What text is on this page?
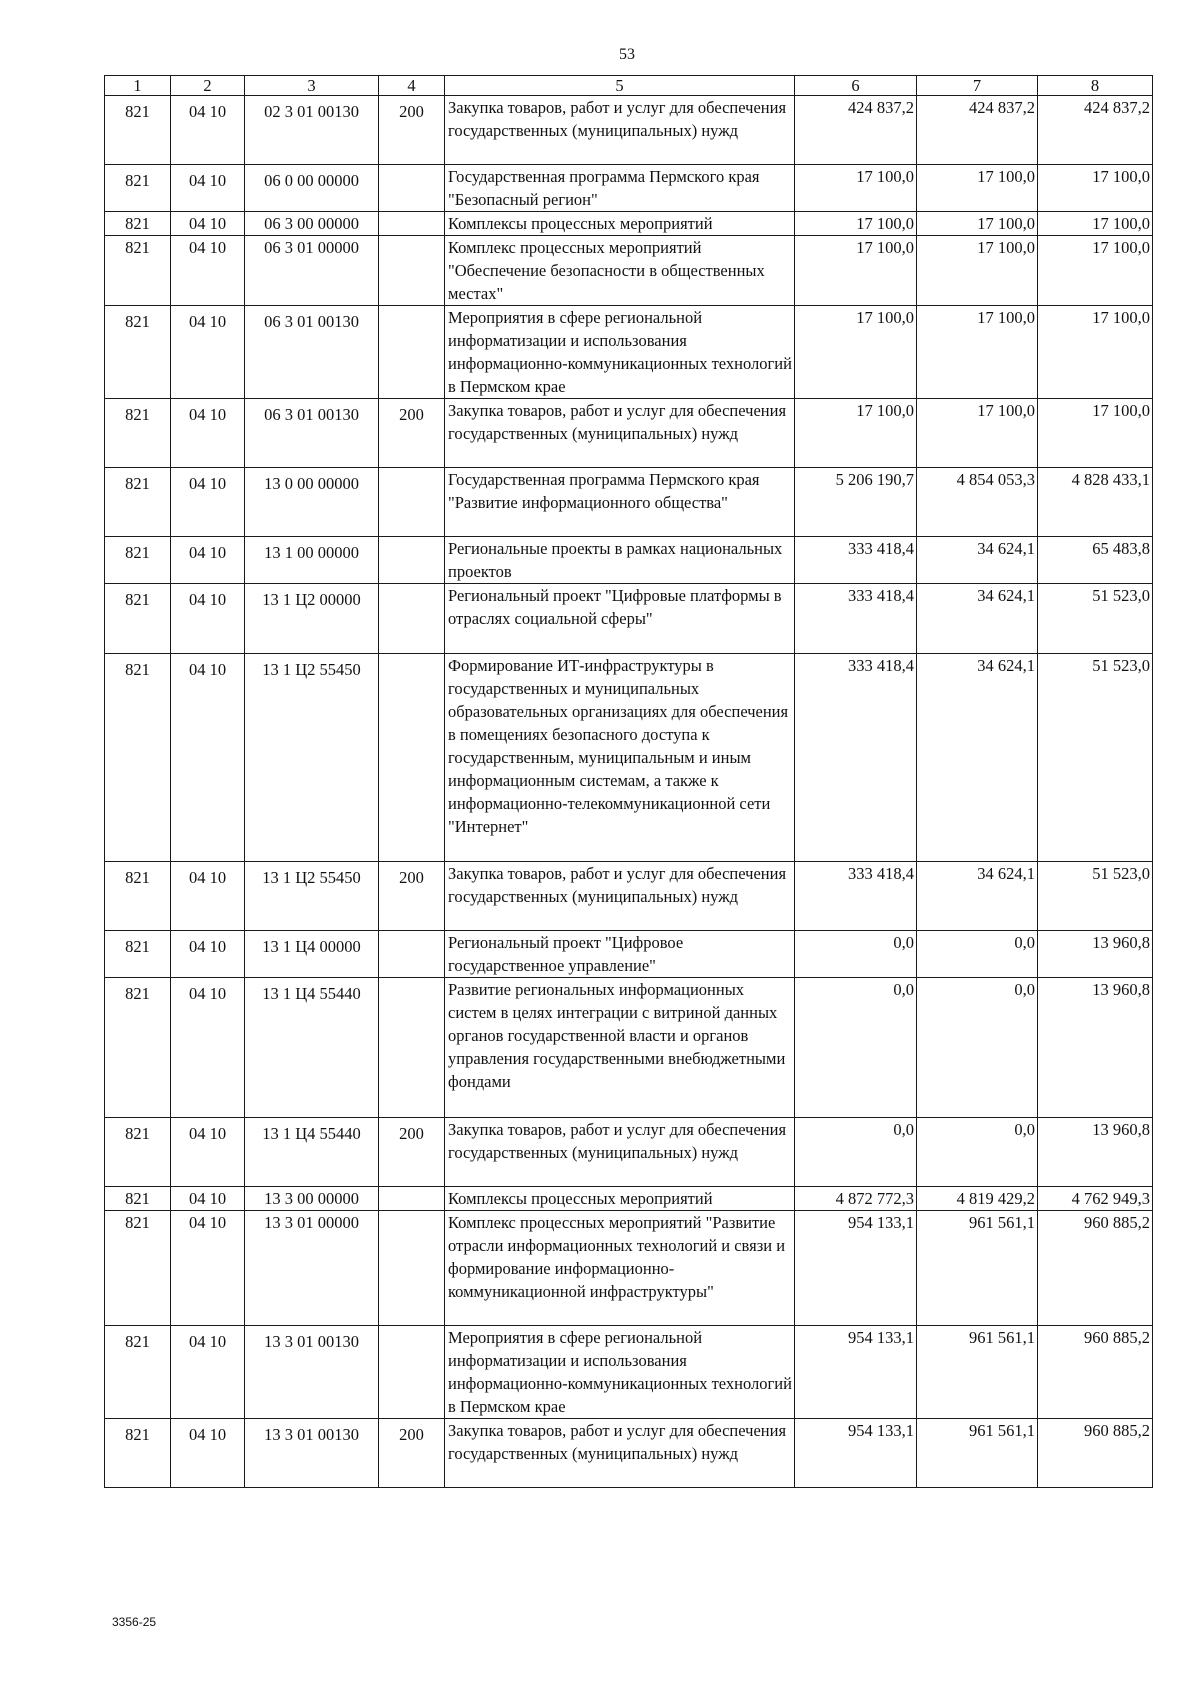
53
1	2	3	4	5	6	7	8
821	04 10	02 3 01 00130	200	Закупка товаров, работ и услуг для обеспечения государственных (муниципальных) нужд	424 837,2	424 837,2	424 837,2
821	04 10	06 0 00 00000		Государственная программа Пермского края "Безопасный регион"	17 100,0	17 100,0	17 100,0
821	04 10	06 3 00 00000		Комплексы процессных мероприятий	17 100,0	17 100,0	17 100,0
821	04 10	06 3 01 00000		Комплекс процессных мероприятий "Обеспечение безопасности в общественных местах"	17 100,0	17 100,0	17 100,0
821	04 10	06 3 01 00130		Мероприятия в сфере региональной информатизации и использования информационно-коммуникационных технологий в Пермском крае	17 100,0	17 100,0	17 100,0
821	04 10	06 3 01 00130	200	Закупка товаров, работ и услуг для обеспечения государственных (муниципальных) нужд	17 100,0	17 100,0	17 100,0
821	04 10	13 0 00 00000		Государственная программа Пермского края "Развитие информационного общества"	5 206 190,7	4 854 053,3	4 828 433,1
821	04 10	13 1 00 00000		Региональные проекты в рамках национальных проектов	333 418,4	34 624,1	65 483,8
821	04 10	13 1 Ц2 00000		Региональный проект "Цифровые платформы в отраслях социальной сферы"	333 418,4	34 624,1	51 523,0
821	04 10	13 1 Ц2 55450		Формирование ИТ-инфраструктуры в государственных и муниципальных образовательных организациях для обеспечения в помещениях безопасного доступа к государственным, муниципальным и иным информационным системам, а также к информационно-телекоммуникационной сети "Интернет"	333 418,4	34 624,1	51 523,0
821	04 10	13 1 Ц2 55450	200	Закупка товаров, работ и услуг для обеспечения государственных (муниципальных) нужд	333 418,4	34 624,1	51 523,0
821	04 10	13 1 Ц4 00000		Региональный проект "Цифровое государственное управление"	0,0	0,0	13 960,8
821	04 10	13 1 Ц4 55440		Развитие региональных информационных систем в целях интеграции с витриной данных органов государственной власти и органов управления государственными внебюджетными фондами	0,0	0,0	13 960,8
821	04 10	13 1 Ц4 55440	200	Закупка товаров, работ и услуг для обеспечения государственных (муниципальных) нужд	0,0	0,0	13 960,8
821	04 10	13 3 00 00000		Комплексы процессных мероприятий	4 872 772,3	4 819 429,2	4 762 949,3
821	04 10	13 3 01 00000		Комплекс процессных мероприятий "Развитие отрасли информационных технологий и связи и формирование информационно-коммуникационной инфраструктуры"	954 133,1	961 561,1	960 885,2
821	04 10	13 3 01 00130		Мероприятия в сфере региональной информатизации и использования информационно-коммуникационных технологий в Пермском крае	954 133,1	961 561,1	960 885,2
821	04 10	13 3 01 00130	200	Закупка товаров, работ и услуг для обеспечения государственных (муниципальных) нужд	954 133,1	961 561,1	960 885,2
3356-25
